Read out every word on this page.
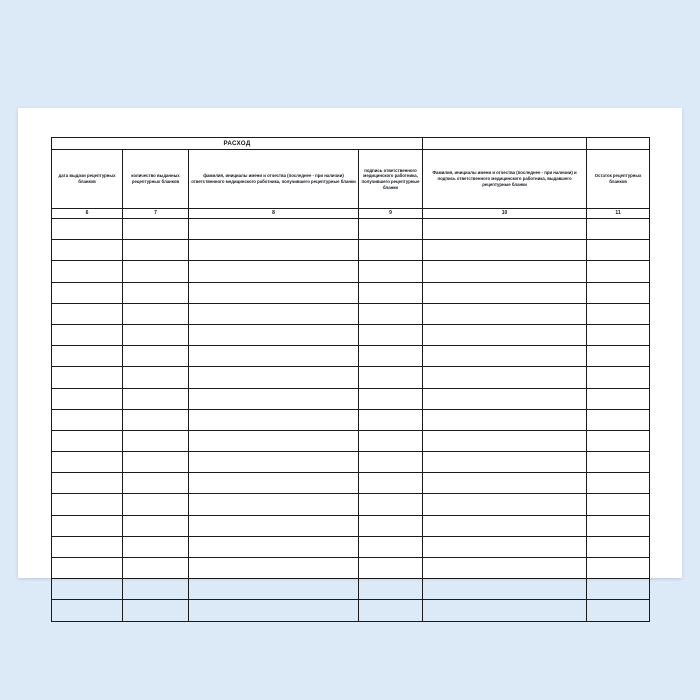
РАСХОД					
дата выдачи рецептурных бланков	количество выданных рецептурных бланков	фамилия, инициалы имени и отчества (последнее - при наличии) ответственного медицинского работника, получившего рецептурные бланки	подпись ответственного медицинского работника, получившего рецептурные бланки	Фамилия, инициалы имени и отчества (последнее - при наличии) и подпись ответственного медицинского работника, выдавшего рецептурные бланки	Остаток рецептурных бланков
6	7	8	9	10	11
